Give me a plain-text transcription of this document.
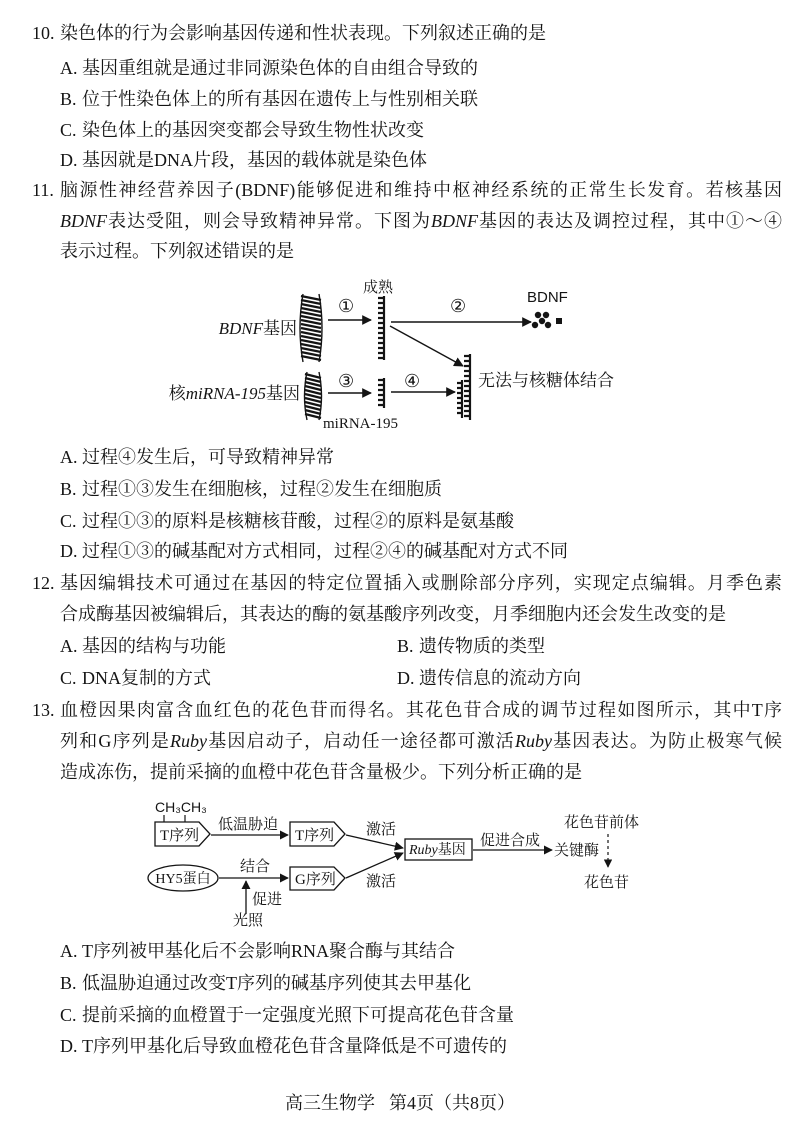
10. 染色体的行为会影响基因传递和性状表现。下列叙述正确的是
A. 基因重组就是通过非同源染色体的自由组合导致的
B. 位于性染色体上的所有基因在遗传上与性别相关联
C. 染色体上的基因突变都会导致生物性状改变
D. 基因就是DNA片段，基因的载体就是染色体
11. 脑源性神经营养因子(BDNF)能够促进和维持中枢神经系统的正常生长发育。若核基因
BDNF表达受阻，则会导致精神异常。下图为BDNF基因的表达及调控过程，其中①～④
表示过程。下列叙述错误的是
成熟
BDNF基因
①	②	BDNF
无法与核糖体结合
核miRNA-195基因
③	④
miRNA-195
A. 过程④发生后，可导致精神异常
B. 过程①③发生在细胞核，过程②发生在细胞质
C. 过程①③的原料是核糖核苷酸，过程②的原料是氨基酸
D. 过程①③的碱基配对方式相同，过程②④的碱基配对方式不同
12. 基因编辑技术可通过在基因的特定位置插入或删除部分序列，实现定点编辑。月季色素
合成酶基因被编辑后，其表达的酶的氨基酸序列改变，月季细胞内还会发生改变的是
A. 基因的结构与功能	B. 遗传物质的类型
C. DNA复制的方式	D. 遗传信息的流动方向
13. 血橙因果肉富含血红色的花色苷而得名。其花色苷合成的调节过程如图所示，其中T序
列和G序列是Ruby基因启动子，启动任一途径都可激活Ruby基因表达。为防止极寒气候
造成冻伤，提前采摘的血橙中花色苷含量极少。下列分析正确的是
CH₃CH₃
T序列
低温胁迫
T序列 激活
Ruby基因
促进合成
花色苷前体
关键酶
花色苷
HY5蛋白
结合
G序列 激活
促进
光照
A. T序列被甲基化后不会影响RNA聚合酶与其结合
B. 低温胁迫通过改变T序列的碱基序列使其去甲基化
C. 提前采摘的血橙置于一定强度光照下可提高花色苷含量
D. T序列甲基化后导致血橙花色苷含量降低是不可遗传的
高三生物学 第4页（共8页）
